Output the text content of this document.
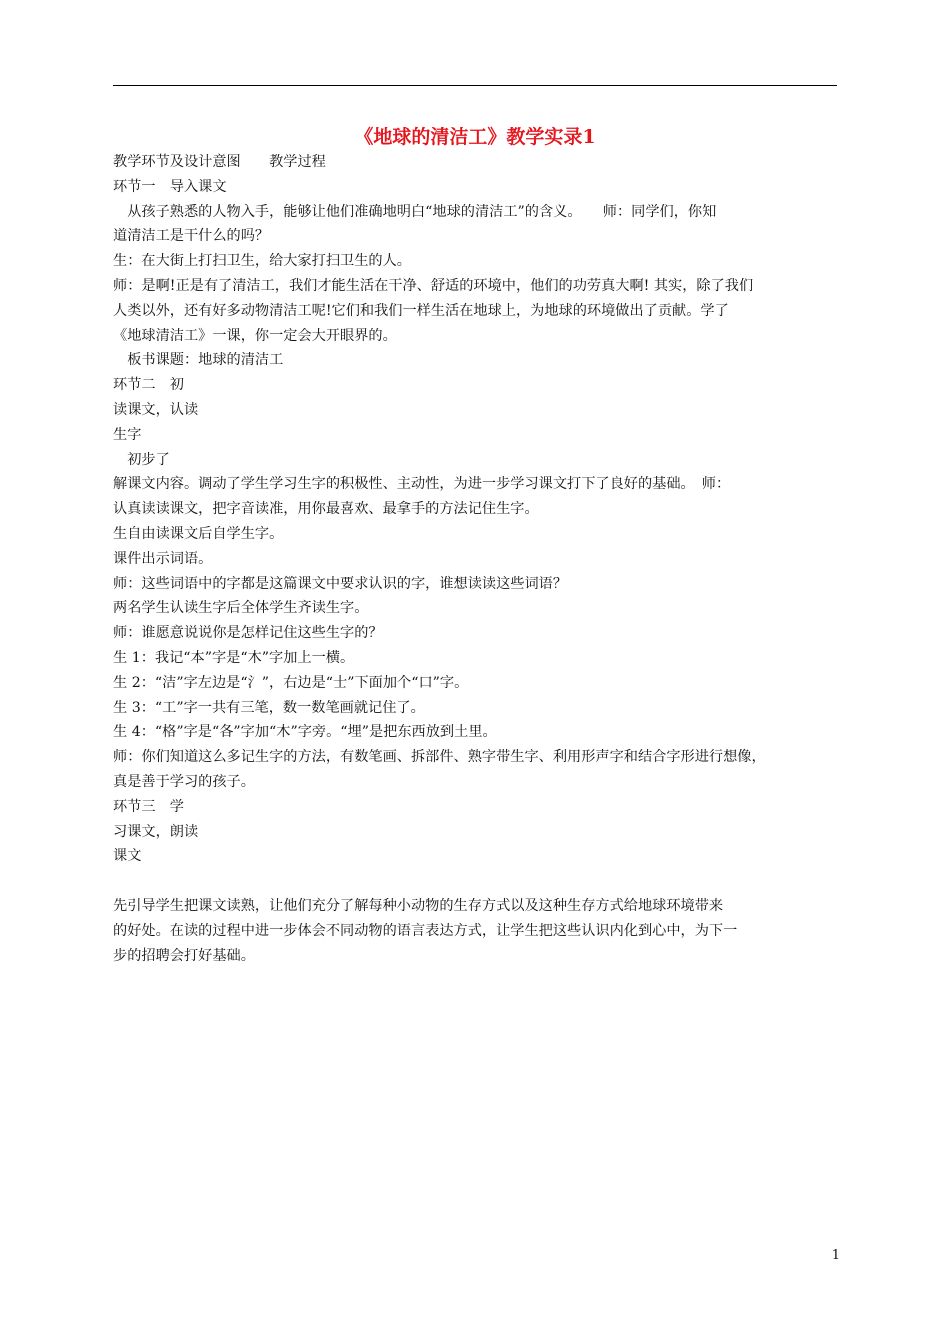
《地球的清洁工》教学实录1
教学环节及设计意图　　教学过程
环节一　导入课文
　从孩子熟悉的人物入手，能够让他们准确地明白“地球的清洁工”的含义。　　师：同学们，你知
道清洁工是干什么的吗？
生：在大街上打扫卫生，给大家打扫卫生的人。
师：是啊!正是有了清洁工，我们才能生活在干净、舒适的环境中，他们的功劳真大啊! 其实，除了我们
人类以外，还有好多动物清洁工呢!它们和我们一样生活在地球上，为地球的环境做出了贡献。学了
《地球清洁工》一课，你一定会大开眼界的。
　板书课题：地球的清洁工
环节二　初
读课文，认读
生字
　初步了
解课文内容。调动了学生学习生字的积极性、主动性，为进一步学习课文打下了良好的基础。　师：
认真读读课文，把字音读准，用你最喜欢、最拿手的方法记住生字。
生自由读课文后自学生字。
课件出示词语。
师：这些词语中的字都是这篇课文中要求认识的字，谁想读读这些词语？
两名学生认读生字后全体学生齐读生字。
师：谁愿意说说你是怎样记住这些生字的？
生 1：我记“本”字是“木”字加上一横。
生 2：“洁”字左边是“氵”，右边是“士”下面加个“口”字。
生 3：“工”字一共有三笔，数一数笔画就记住了。
生 4：“格”字是“各”字加“木”字旁。“埋”是把东西放到土里。
师：你们知道这么多记生字的方法，有数笔画、拆部件、熟字带生字、利用形声字和结合字形进行想像，
真是善于学习的孩子。
环节三　学
习课文，朗读
课文
先引导学生把课文读熟，让他们充分了解每种小动物的生存方式以及这种生存方式给地球环境带来
的好处。在读的过程中进一步体会不同动物的语言表达方式，让学生把这些认识内化到心中，为下一
步的招聘会打好基础。
1
